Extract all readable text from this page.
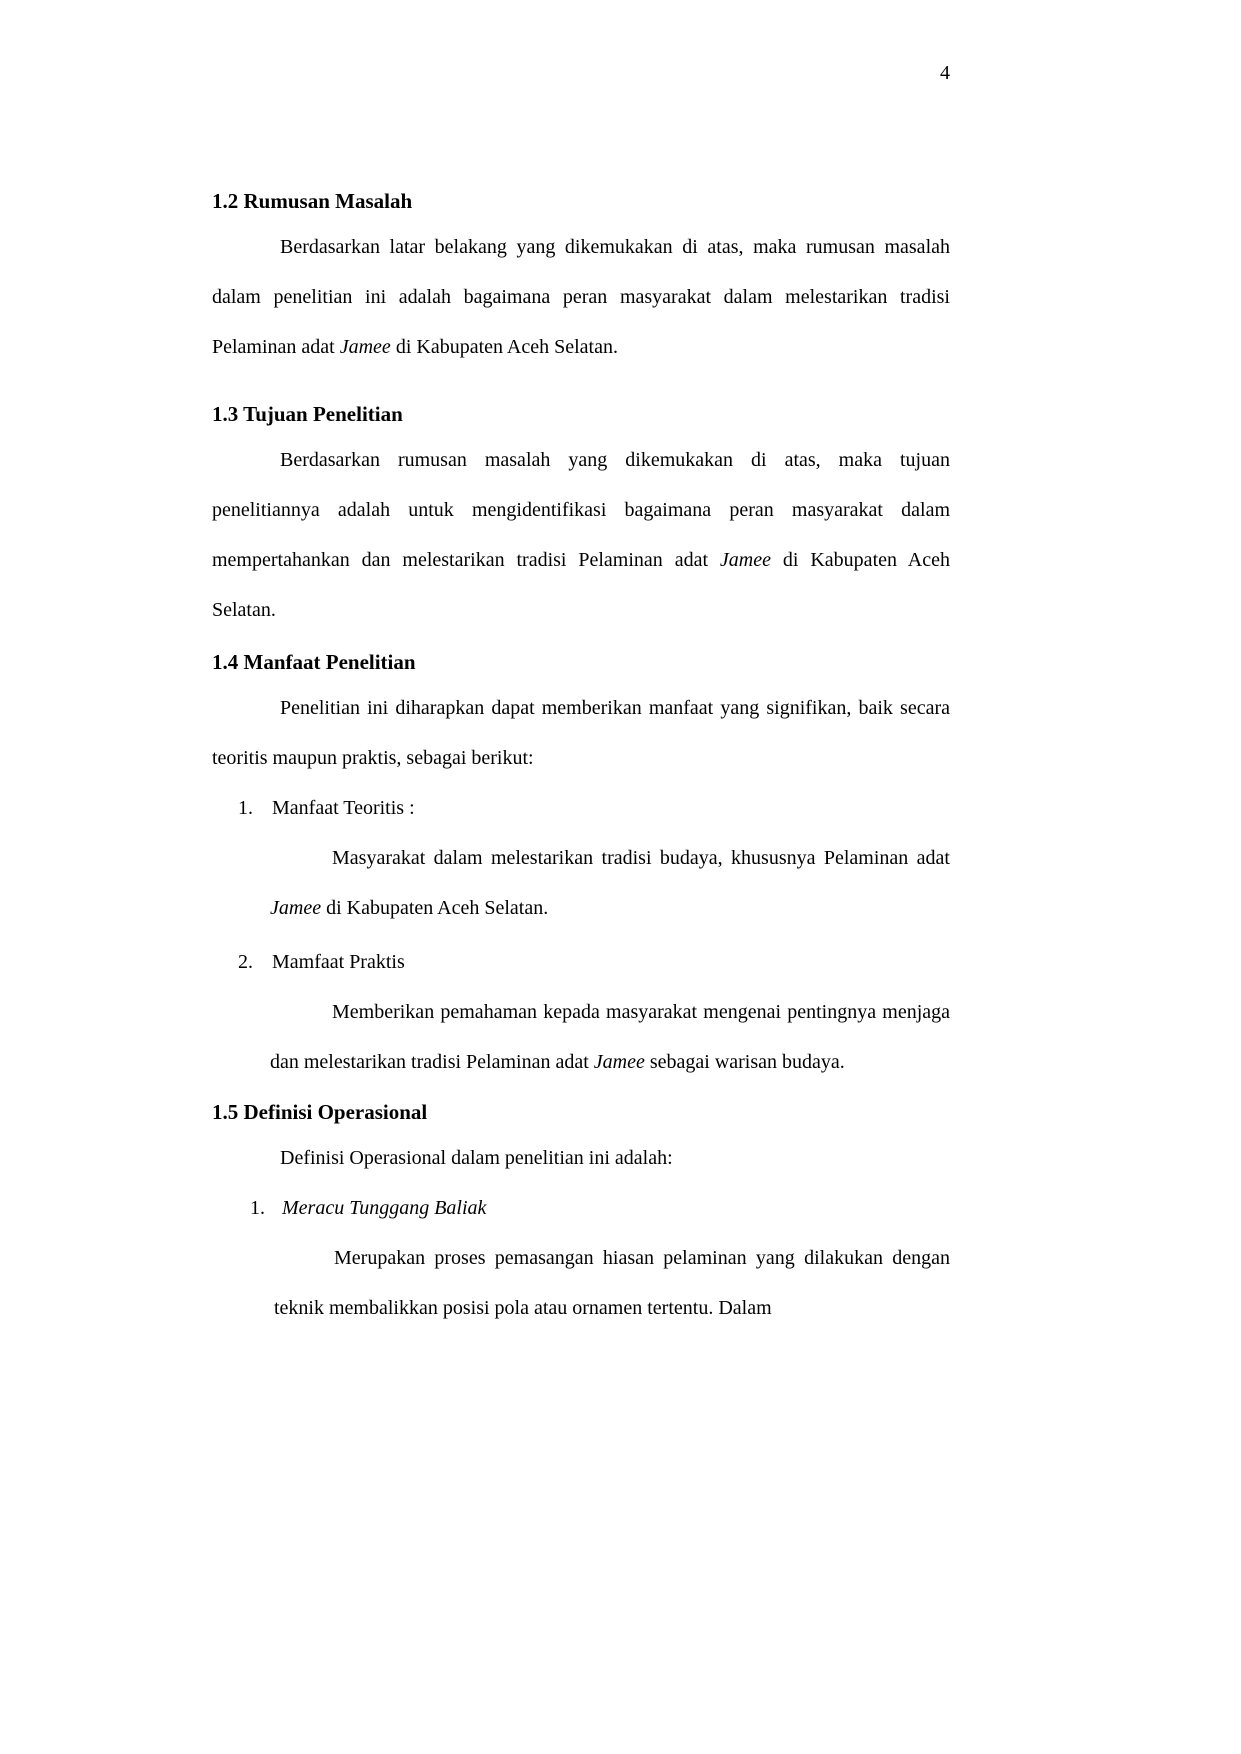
4
1.2 Rumusan Masalah

Berdasarkan latar belakang yang dikemukakan di atas, maka rumusan masalah dalam penelitian ini adalah bagaimana peran masyarakat dalam melestarikan tradisi Pelaminan adat Jamee di Kabupaten Aceh Selatan.

1.3 Tujuan Penelitian

Berdasarkan rumusan masalah yang dikemukakan di atas, maka tujuan penelitiannya adalah untuk mengidentifikasi bagaimana peran masyarakat dalam mempertahankan dan melestarikan tradisi Pelaminan adat Jamee di Kabupaten Aceh Selatan.

1.4 Manfaat Penelitian

Penelitian ini diharapkan dapat memberikan manfaat yang signifikan, baik secara teoritis maupun praktis, sebagai berikut:

1. Manfaat Teoritis :

Masyarakat dalam melestarikan tradisi budaya, khususnya Pelaminan adat Jamee di Kabupaten Aceh Selatan.

2. Mamfaat Praktis

Memberikan pemahaman kepada masyarakat mengenai pentingnya menjaga dan melestarikan tradisi Pelaminan adat Jamee sebagai warisan budaya.

1.5 Definisi Operasional

Definisi Operasional dalam penelitian ini adalah:

1. Meracu Tunggang Baliak

Merupakan proses pemasangan hiasan pelaminan yang dilakukan dengan teknik membalikkan posisi pola atau ornamen tertentu. Dalam
